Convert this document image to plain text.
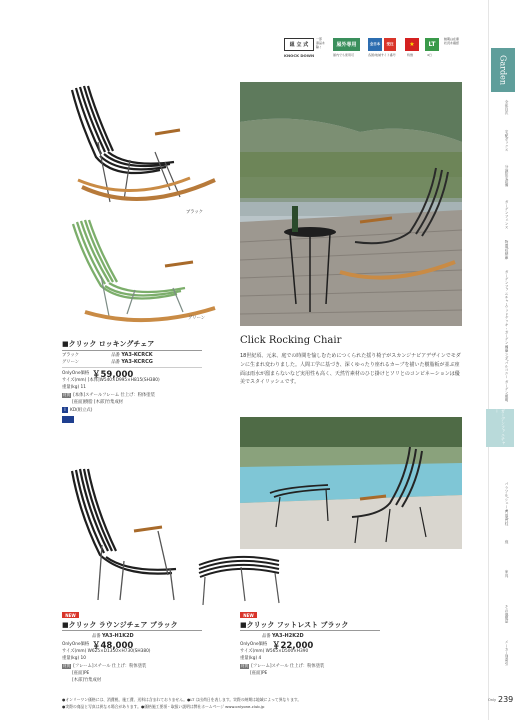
組 立 式
KNOCK DOWN
一部
商品を
除く	屋外専用
屋内でも使用可
全日本 受注
各国/地域サイト番号
★
特徴
LT
4日
納期は在庫
状況を確認
Garden
全体目次
宅配ボックス
分譲住宅設備
ガーデンフェンス
物置/収納庫
ガーデンファニチャー
ウッドデッキ・ガーデン用品
ベランダ/バルコニー
ガーデン照明
ガーデンファニチャー
パラソル/シェード
門扉/門柱
庭
家具
その他製品
メーカー別索引
ブラック
グリーン
■クリック ロッキングチェア
ブラック	品番 YA3-KCRCK
グリーン	品番 YA3-KCRCG
OnlyOne価格 ￥59,000
サイズ(mm) [本体]W540×D995×H815(SH380)
重量(kg) 11
材質 [本体]スチールフレーム 仕上げ：粉体塗装
[座面]樹脂 [木部]竹集成材
I KD(組立式)
Click Rocking Chair
18世紀頃、元来、庭での時間を愉しむためにつくられた揺り椅子がスカンジナビアデザインでモダンに生まれ変わりました。人間工学に基づき、深くゆったり座れるカーブを描いた樹脂板が並ぶ座面は雨水が溜まらないなど実用性も高く、天然竹素材のひじ掛けとソリとのコンビネーションは優美でスタイリッシュです。
NEW
■クリック ラウンジチェア ブラック
品番 YA3-H1K2D
OnlyOne価格 ￥48,000
サイズ(mm) W625×D1350×H730(SH380)
重量(kg) 10
材質 [フレーム]スチール 仕上げ：粉体塗装
[座面]PE
[木部]竹集成材
NEW
■クリック フットレスト ブラック
品番 YA3-H2K2D
OnlyOne価格 ￥22,000
サイズ(mm) W565×D500×H390
重量(kg) 4
材質 [フレーム]スチール 仕上げ：粉体塗装
[座面]PE
●オンリーワン価格には、消費税、施工費、送料は含まれておりません。●LT は出荷日を表します。実際の納期は地域によって異なります。
●実際の商品と写真は異なる場合があります。●価格施工要項・取扱い説明は弊社ホームページ www.onlyone-club.jp
Only 239
